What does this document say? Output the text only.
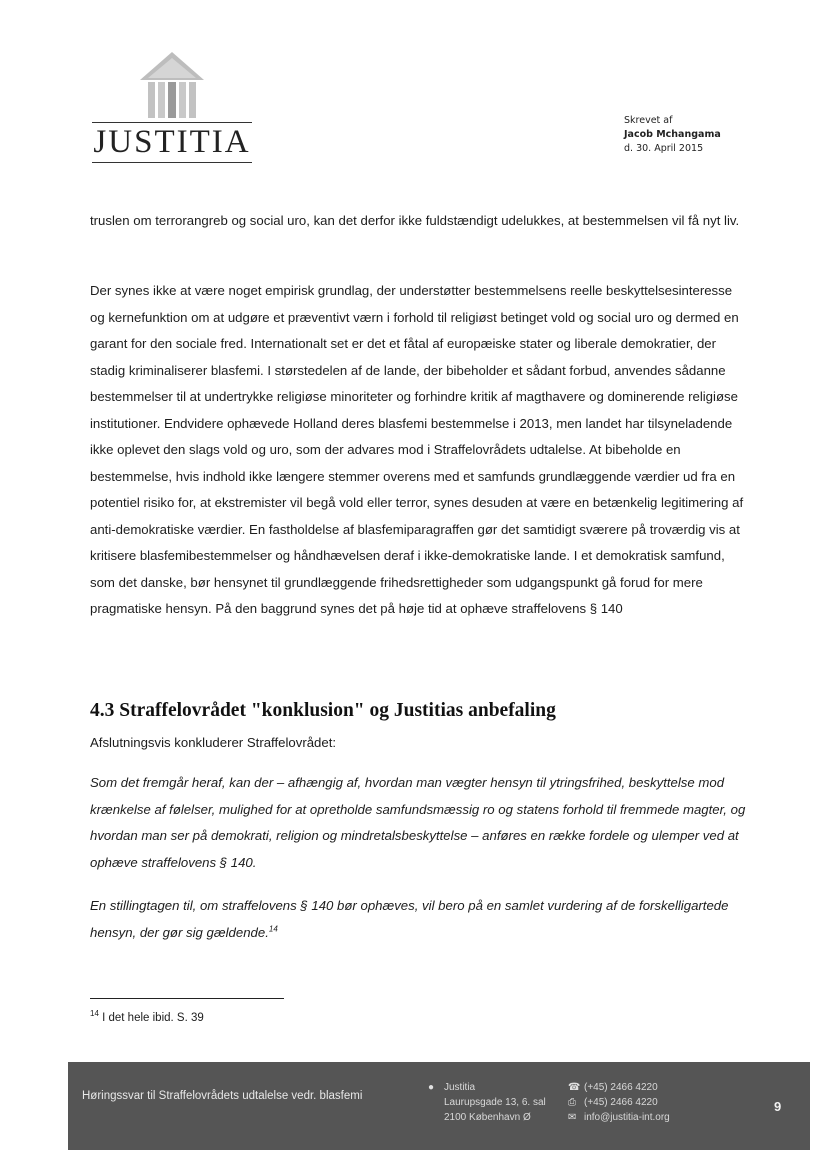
JUSTITIA
Skrevet af
Jacob Mchangama
d. 30. April 2015

truslen om terrorangreb og social uro, kan det derfor ikke fuldstændigt udelukkes, at bestemmelsen vil få nyt liv.

Der synes ikke at være noget empirisk grundlag, der understøtter bestemmelsens reelle beskyttelsesinteresse og kernefunktion om at udgøre et præventivt værn i forhold til religiøst betinget vold og social uro og dermed en garant for den sociale fred. Internationalt set er det et fåtal af europæiske stater og liberale demokratier, der stadig kriminaliserer blasfemi. I størstedelen af de lande, der bibeholder et sådant forbud, anvendes sådanne bestemmelser til at undertrykke religiøse minoriteter og forhindre kritik af magthavere og dominerende religiøse institutioner. Endvidere ophævede Holland deres blasfemi bestemmelse i 2013, men landet har tilsyneladende ikke oplevet den slags vold og uro, som der advares mod i Straffelovrådets udtalelse. At bibeholde en bestemmelse, hvis indhold ikke længere stemmer overens med et samfunds grundlæggende værdier ud fra en potentiel risiko for, at ekstremister vil begå vold eller terror, synes desuden at være en betænkelig legitimering af anti-demokratiske værdier. En fastholdelse af blasfemiparagraffen gør det samtidigt sværere på troværdig vis at kritisere blasfemibestemmelser og håndhævelsen deraf i ikke-demokratiske lande. I et demokratisk samfund, som det danske, bør hensynet til grundlæggende frihedsrettigheder som udgangspunkt gå forud for mere pragmatiske hensyn. På den baggrund synes det på høje tid at ophæve straffelovens § 140

4.3 Straffelovrådet "konklusion" og Justitias anbefaling

Afslutningsvis konkluderer Straffelovrådet:

Som det fremgår heraf, kan der – afhængig af, hvordan man vægter hensyn til ytringsfrihed, beskyttelse mod krænkelse af følelser, mulighed for at opretholde samfundsmæssig ro og statens forhold til fremmede magter, og hvordan man ser på demokrati, religion og mindretalsbeskyttelse – anføres en række fordele og ulemper ved at ophæve straffelovens § 140.

En stillingtagen til, om straffelovens § 140 bør ophæves, vil bero på en samlet vurdering af de forskelligartede hensyn, der gør sig gældende.$^{14}$

$^{14}$ I det hele ibid. S. 39
Høringssvar til Straffelovrådets udtalelse vedr. blasfemi
● Justitia
Laurupsgade 13, 6. sal
2100 København Ø
☎ (+45) 2466 4220
⎙ (+45) 2466 4220
✉ info@justitia-int.org
9
